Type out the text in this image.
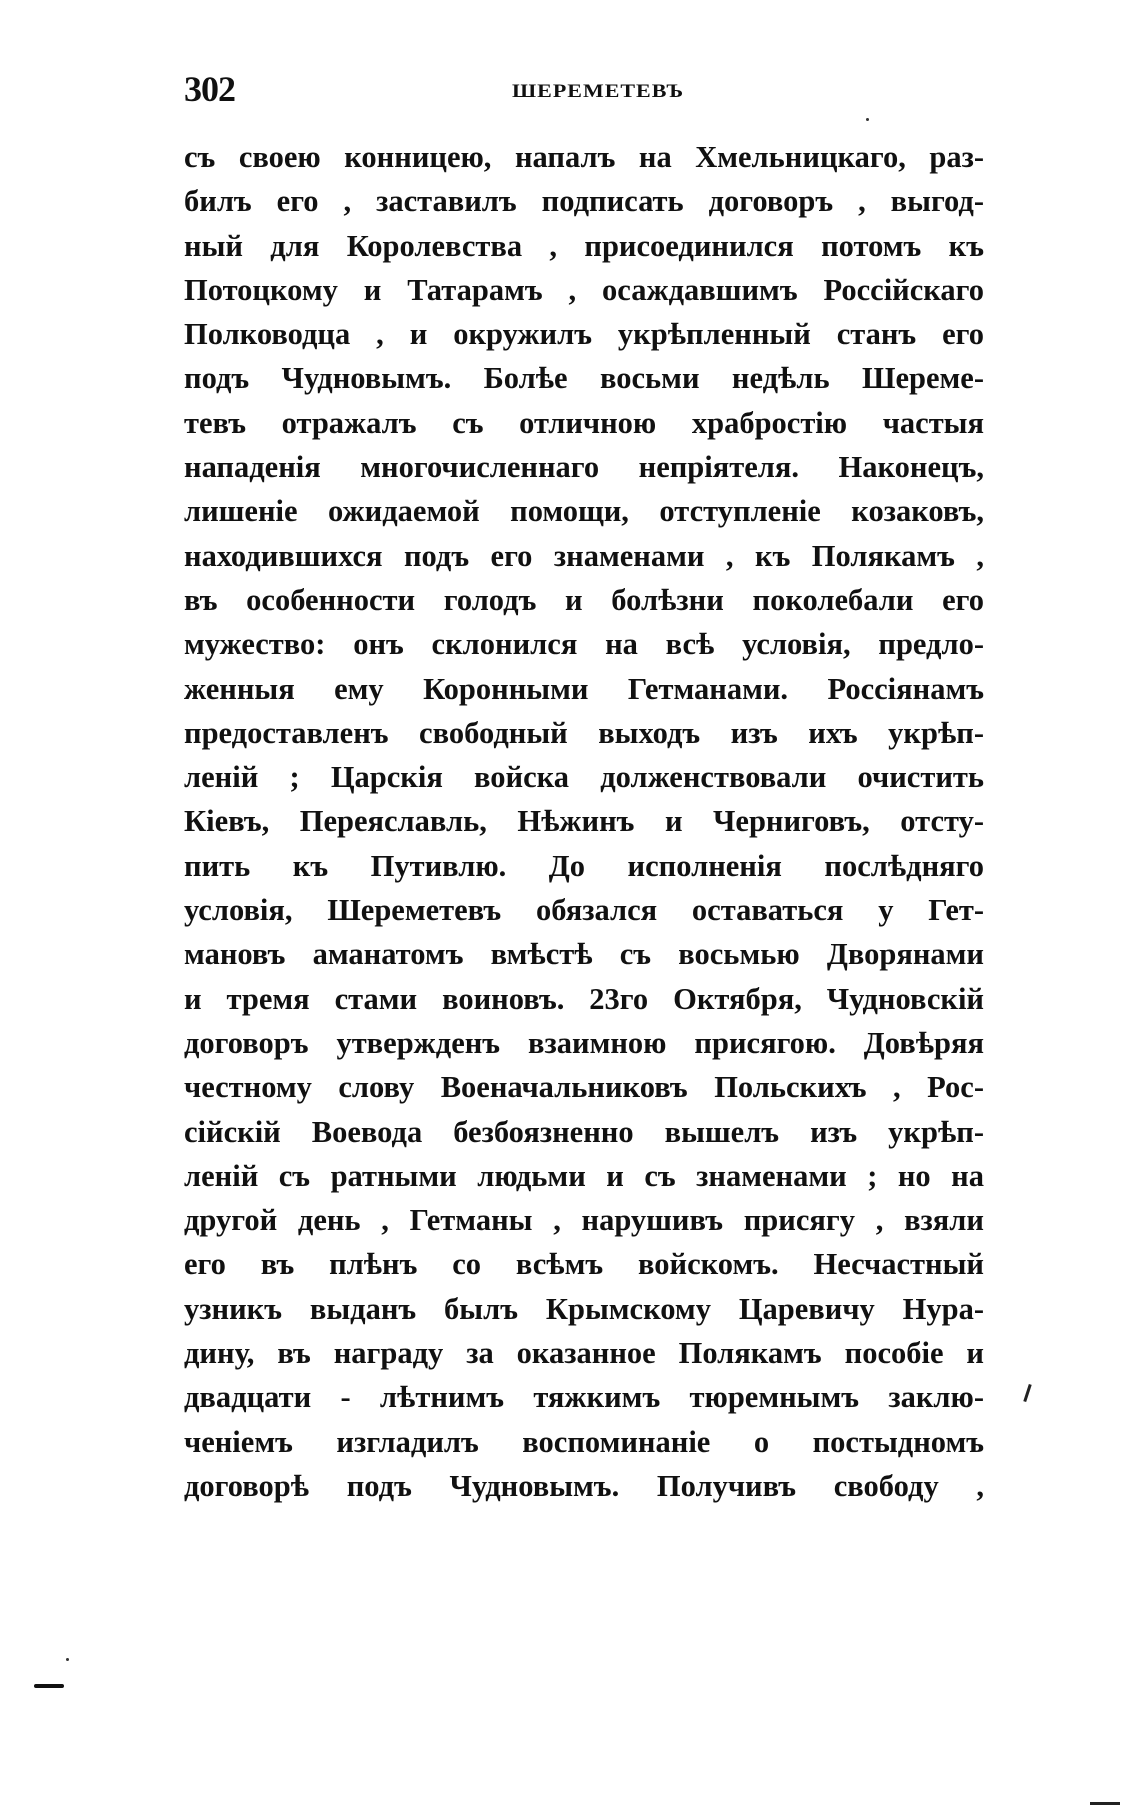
302	ШЕРЕМЕТЕВЪ
съ своею конницею, напалъ на Хмельницкаго, раз-
билъ его , заставилъ подписать договоръ , выгод-
ный для Королевства , присоединился потомъ къ
Потоцкому и Татарамъ , осаждавшимъ Россійскаго
Полководца , и окружилъ укрѣпленный станъ его
подъ Чудновымъ. Болѣе восьми недѣль Шереме-
тевъ отражалъ съ отличною храбростію частыя
нападенія многочисленнаго непріятеля. Наконецъ,
лишеніе ожидаемой помощи, отступленіе козаковъ,
находившихся подъ его знаменами , къ Полякамъ ,
въ особенности голодъ и болѣзни поколебали его
мужество: онъ склонился на всѣ условія, предло-
женныя ему Коронными Гетманами. Россіянамъ
предоставленъ свободный выходъ изъ ихъ укрѣп-
леній ; Царскія войска долженствовали очистить
Кіевъ, Переяславль, Нѣжинъ и Черниговъ, отсту-
пить къ Путивлю. До исполненія послѣдняго
условія, Шереметевъ обязался оставаться у Гет-
мановъ аманатомъ вмѣстѣ съ восьмью Дворянами
и тремя стами воиновъ. 23го Октября, Чудновскій
договоръ утвержденъ взаимною присягою. Довѣряя
честному слову Военачальниковъ Польскихъ , Рос-
сійскій Воевода безбоязненно вышелъ изъ укрѣп-
леній съ ратными людьми и съ знаменами ; но на
другой день , Гетманы , нарушивъ присягу , взяли
его въ плѣнъ со всѣмъ войскомъ. Несчастный
узникъ выданъ былъ Крымскому Царевичу Нура-
дину, въ награду за оказанное Полякамъ пособіе и
двадцати - лѣтнимъ тяжкимъ тюремнымъ заклю-
ченіемъ изгладилъ воспоминаніе о постыдномъ
договорѣ подъ Чудновымъ. Получивъ свободу ,
